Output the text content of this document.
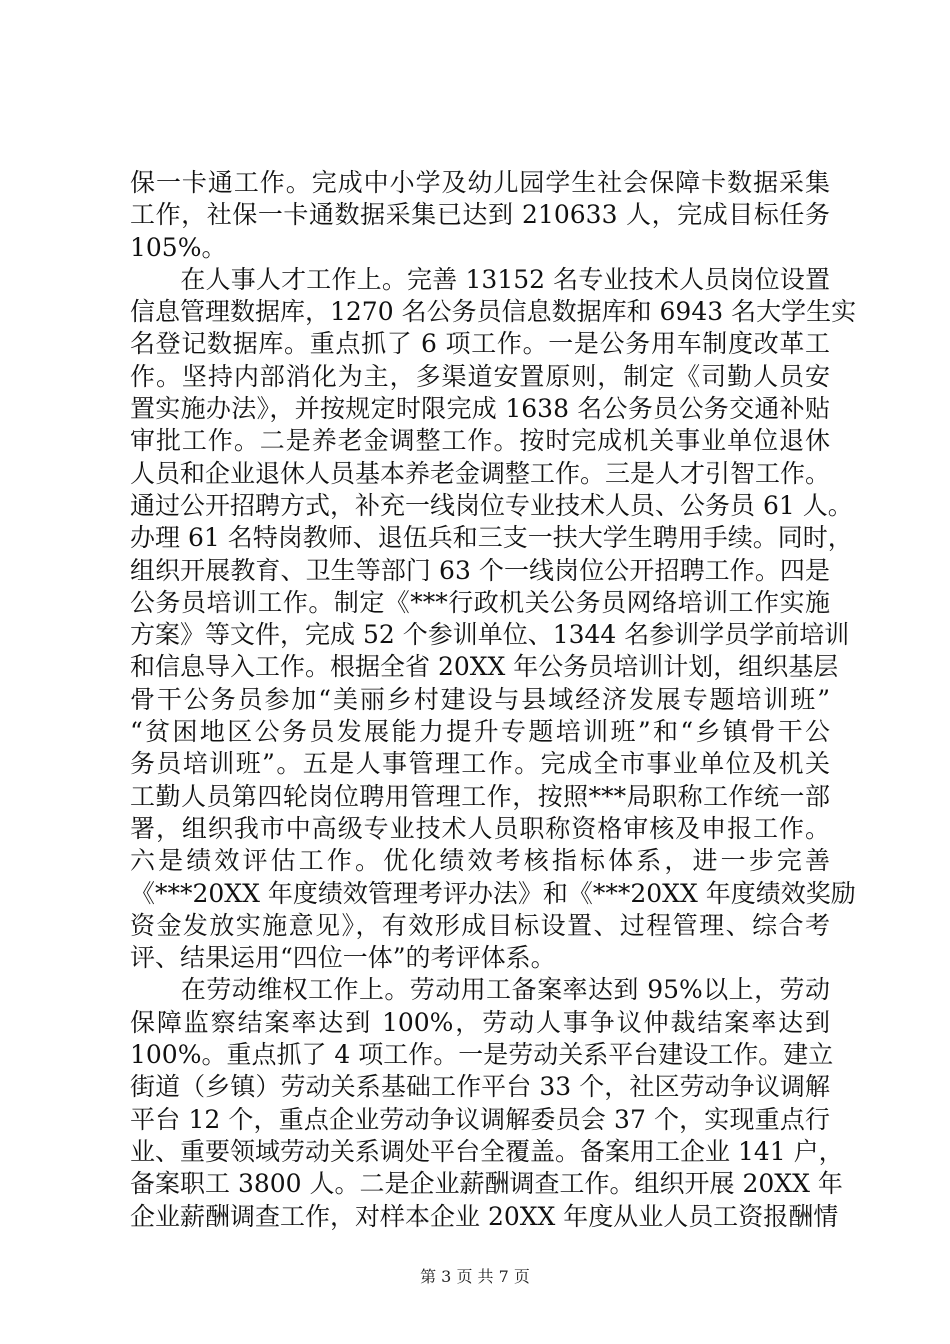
保一卡通工作。完成中小学及幼儿园学生社会保障卡数据采集
工作，社保一卡通数据采集已达到 210633 人，完成目标任务
105%。
　　在人事人才工作上。完善 13152 名专业技术人员岗位设置
信息管理数据库，1270 名公务员信息数据库和 6943 名大学生实
名登记数据库。重点抓了 6 项工作。一是公务用车制度改革工
作。坚持内部消化为主，多渠道安置原则，制定《司勤人员安
置实施办法》，并按规定时限完成 1638 名公务员公务交通补贴
审批工作。二是养老金调整工作。按时完成机关事业单位退休
人员和企业退休人员基本养老金调整工作。三是人才引智工作。
通过公开招聘方式，补充一线岗位专业技术人员、公务员 61 人。
办理 61 名特岗教师、退伍兵和三支一扶大学生聘用手续。同时，
组织开展教育、卫生等部门 63 个一线岗位公开招聘工作。四是
公务员培训工作。制定《***行政机关公务员网络培训工作实施
方案》等文件，完成 52 个参训单位、1344 名参训学员学前培训
和信息导入工作。根据全省 20XX 年公务员培训计划，组织基层
骨干公务员参加“美丽乡村建设与县域经济发展专题培训班”
“贫困地区公务员发展能力提升专题培训班”和“乡镇骨干公
务员培训班”。五是人事管理工作。完成全市事业单位及机关
工勤人员第四轮岗位聘用管理工作，按照***局职称工作统一部
署，组织我市中高级专业技术人员职称资格审核及申报工作。
六是绩效评估工作。优化绩效考核指标体系，进一步完善
《***20XX 年度绩效管理考评办法》和《***20XX 年度绩效奖励
资金发放实施意见》，有效形成目标设置、过程管理、综合考
评、结果运用“四位一体”的考评体系。
　　在劳动维权工作上。劳动用工备案率达到 95%以上，劳动
保障监察结案率达到 100%，劳动人事争议仲裁结案率达到
100%。重点抓了 4 项工作。一是劳动关系平台建设工作。建立
街道（乡镇）劳动关系基础工作平台 33 个，社区劳动争议调解
平台 12 个，重点企业劳动争议调解委员会 37 个，实现重点行
业、重要领域劳动关系调处平台全覆盖。备案用工企业 141 户，
备案职工 3800 人。二是企业薪酬调查工作。组织开展 20XX 年
企业薪酬调查工作，对样本企业 20XX 年度从业人员工资报酬情
第 3 页 共 7 页
